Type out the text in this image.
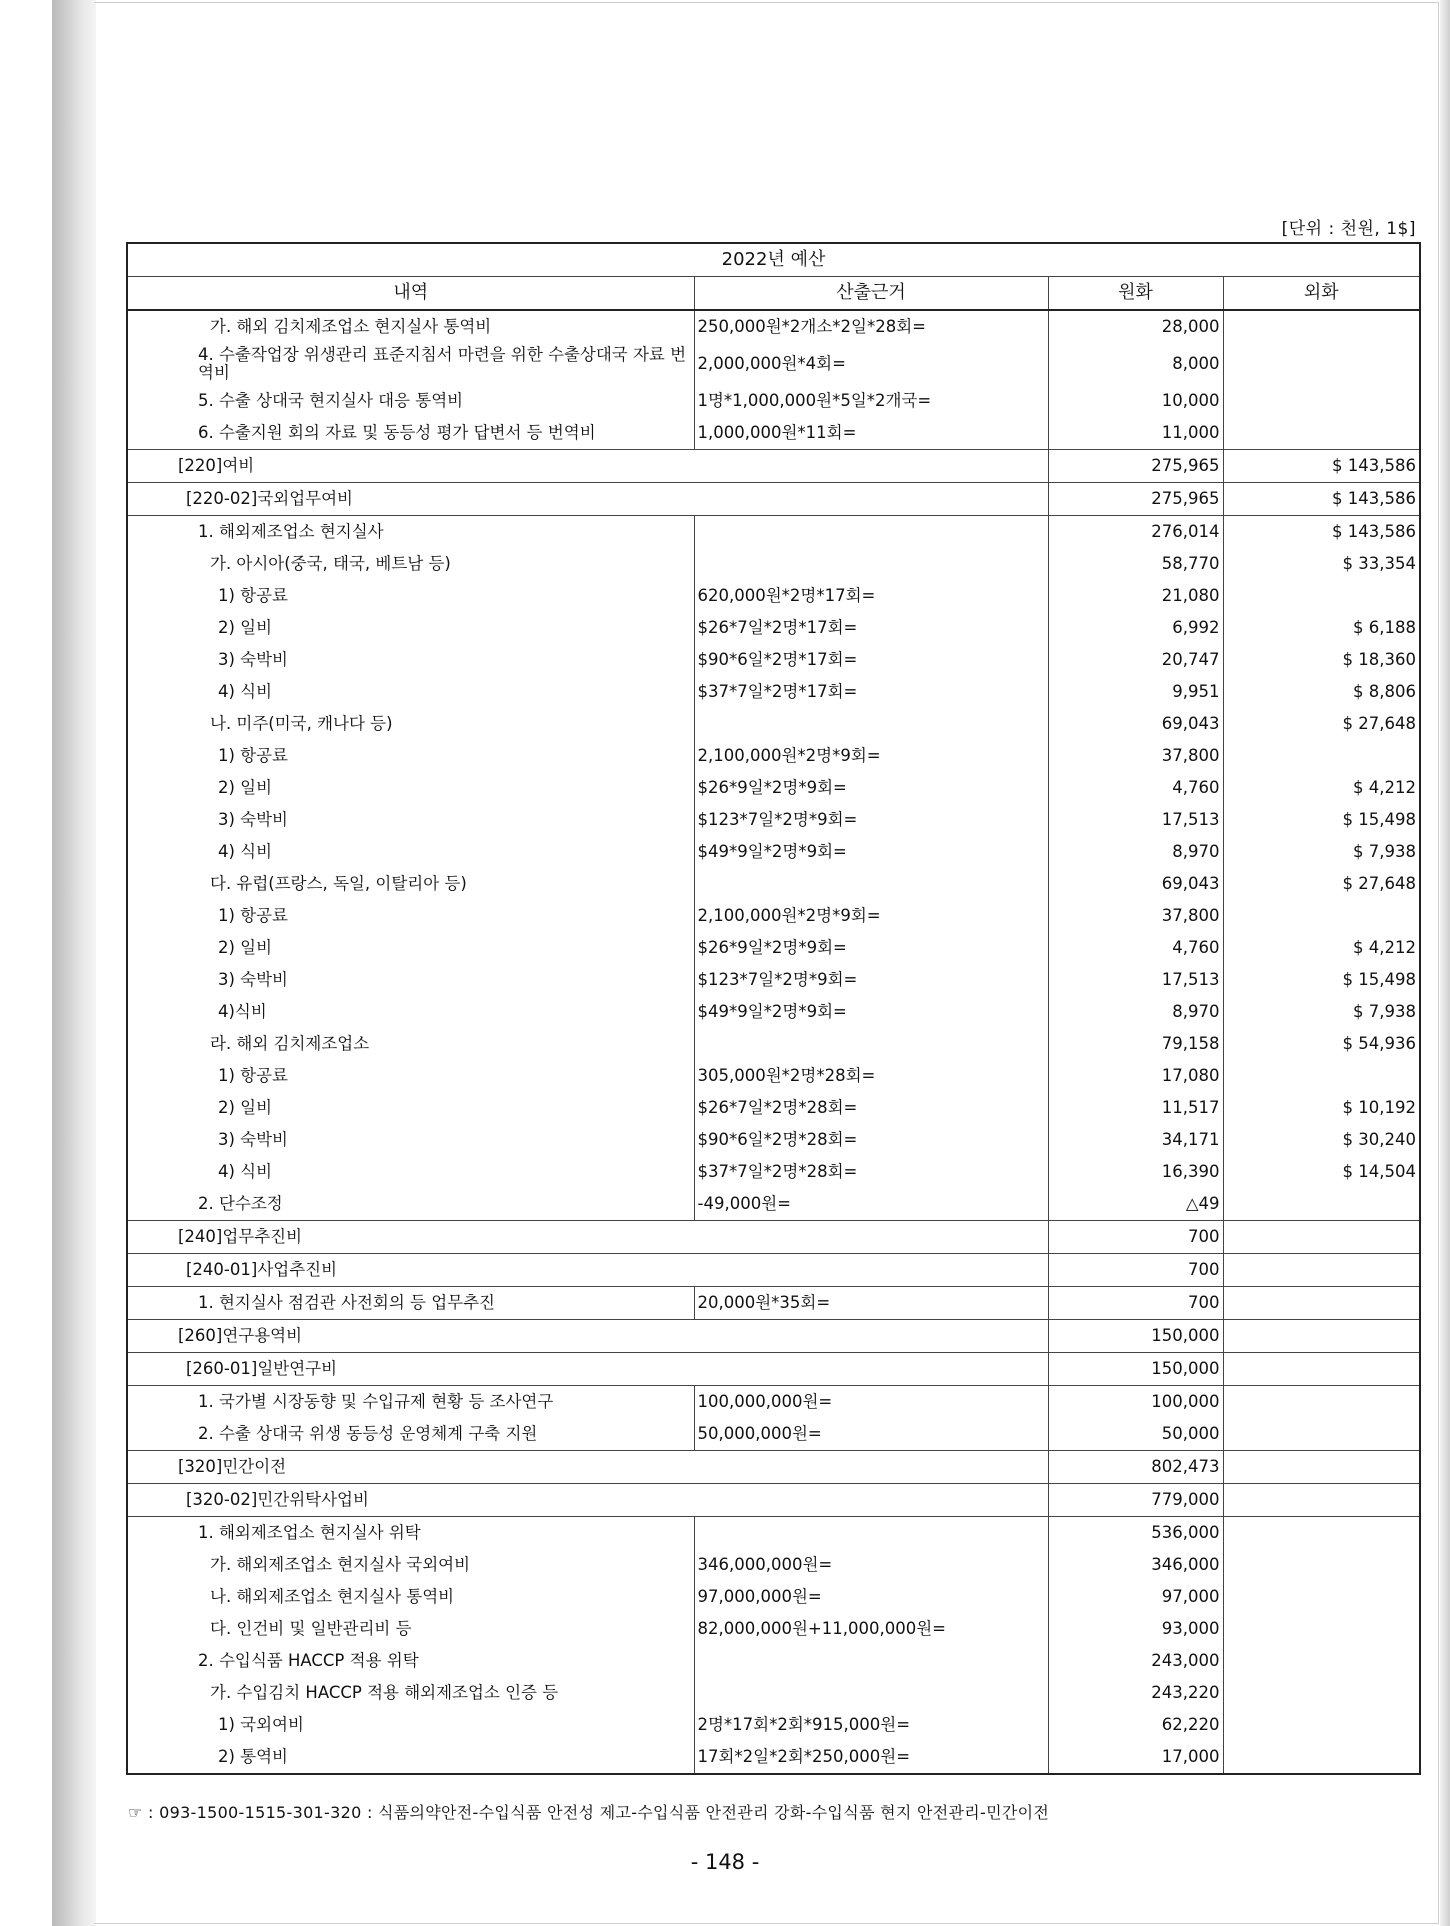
[단위 : 천원, 1$]
2022년 예산			
내역	산출근거	원화	외화
가. 해외 김치제조업소 현지실사 통역비	250,000원*2개소*2일*28회=	28,000	
4. 수출작업장 위생관리 표준지침서 마련을 위한 수출상대국 자료 번역비	2,000,000원*4회=	8,000	
5. 수출 상대국 현지실사 대응 통역비	1명*1,000,000원*5일*2개국=	10,000	
6. 수출지원 회의 자료 및 동등성 평가 답변서 등 번역비	1,000,000원*11회=	11,000	
[220]여비		275,965	$ 143,586
[220-02]국외업무여비		275,965	$ 143,586
1. 해외제조업소 현지실사		276,014	$ 143,586
가. 아시아(중국, 태국, 베트남 등)		58,770	$ 33,354
1) 항공료	620,000원*2명*17회=	21,080	
2) 일비	$26*7일*2명*17회=	6,992	$ 6,188
3) 숙박비	$90*6일*2명*17회=	20,747	$ 18,360
4) 식비	$37*7일*2명*17회=	9,951	$ 8,806
나. 미주(미국, 캐나다 등)		69,043	$ 27,648
1) 항공료	2,100,000원*2명*9회=	37,800	
2) 일비	$26*9일*2명*9회=	4,760	$ 4,212
3) 숙박비	$123*7일*2명*9회=	17,513	$ 15,498
4) 식비	$49*9일*2명*9회=	8,970	$ 7,938
다. 유럽(프랑스, 독일, 이탈리아 등)		69,043	$ 27,648
1) 항공료	2,100,000원*2명*9회=	37,800	
2) 일비	$26*9일*2명*9회=	4,760	$ 4,212
3) 숙박비	$123*7일*2명*9회=	17,513	$ 15,498
4)식비	$49*9일*2명*9회=	8,970	$ 7,938
라. 해외 김치제조업소		79,158	$ 54,936
1) 항공료	305,000원*2명*28회=	17,080	
2) 일비	$26*7일*2명*28회=	11,517	$ 10,192
3) 숙박비	$90*6일*2명*28회=	34,171	$ 30,240
4) 식비	$37*7일*2명*28회=	16,390	$ 14,504
2. 단수조정	-49,000원=	△49	
[240]업무추진비		700	
[240-01]사업추진비		700	
1. 현지실사 점검관 사전회의 등 업무추진	20,000원*35회=	700	
[260]연구용역비		150,000	
[260-01]일반연구비		150,000	
1. 국가별 시장동향 및 수입규제 현황 등 조사연구	100,000,000원=	100,000	
2. 수출 상대국 위생 동등성 운영체계 구축 지원	50,000,000원=	50,000	
[320]민간이전		802,473	
[320-02]민간위탁사업비		779,000	
1. 해외제조업소 현지실사 위탁		536,000	
가. 해외제조업소 현지실사 국외여비	346,000,000원=	346,000	
나. 해외제조업소 현지실사 통역비	97,000,000원=	97,000	
다. 인건비 및 일반관리비 등	82,000,000원+11,000,000원=	93,000	
2. 수입식품 HACCP 적용 위탁		243,000	
가. 수입김치 HACCP 적용 해외제조업소 인증 등		243,220	
1) 국외여비	2명*17회*2회*915,000원=	62,220	
2) 통역비	17회*2일*2회*250,000원=	17,000	
☞ : 093-1500-1515-301-320 : 식품의약안전-수입식품 안전성 제고-수입식품 안전관리 강화-수입식품 현지 안전관리-민간이전
- 148 -
